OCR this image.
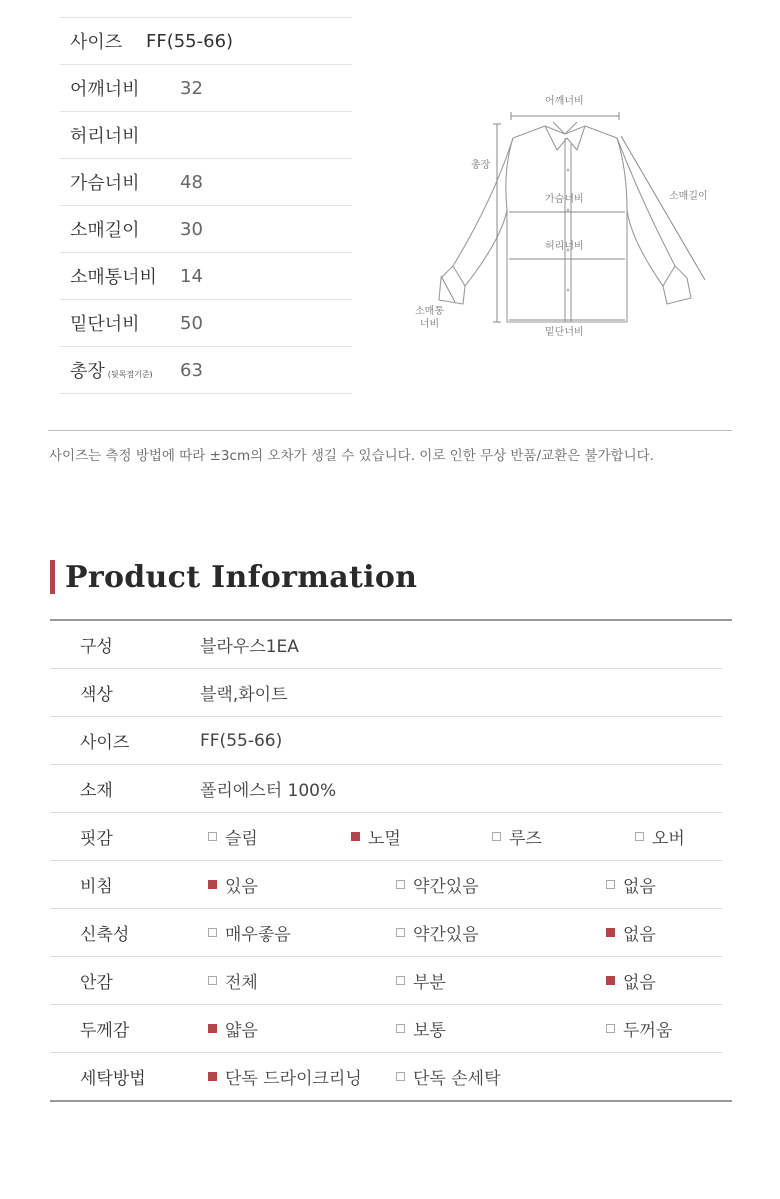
사이즈	FF(55-66)
어깨너비	32
허리너비
가슴너비	48
소매길이	30
소매통너비	14
밑단너비	50
총장 (뒷목점기준)	63
어깨너비
총장
소매길이
가슴너비
허리너비
소매통
너비
밑단너비
사이즈는 측정 방법에 따라 ±3cm의 오차가 생길 수 있습니다. 이로 인한 무상 반품/교환은 불가합니다.
Product Information
구성	블라우스1EA
색상	블랙,화이트
사이즈	FF(55-66)
소재	폴리에스터 100%
핏감	슬림	노멀	루즈	오버
비침	있음	약간있음	없음
신축성	매우좋음	약간있음	없음
안감	전체	부분	없음
두께감	얇음	보통	두꺼움
세탁방법	단독 드라이크리닝	단독 손세탁
